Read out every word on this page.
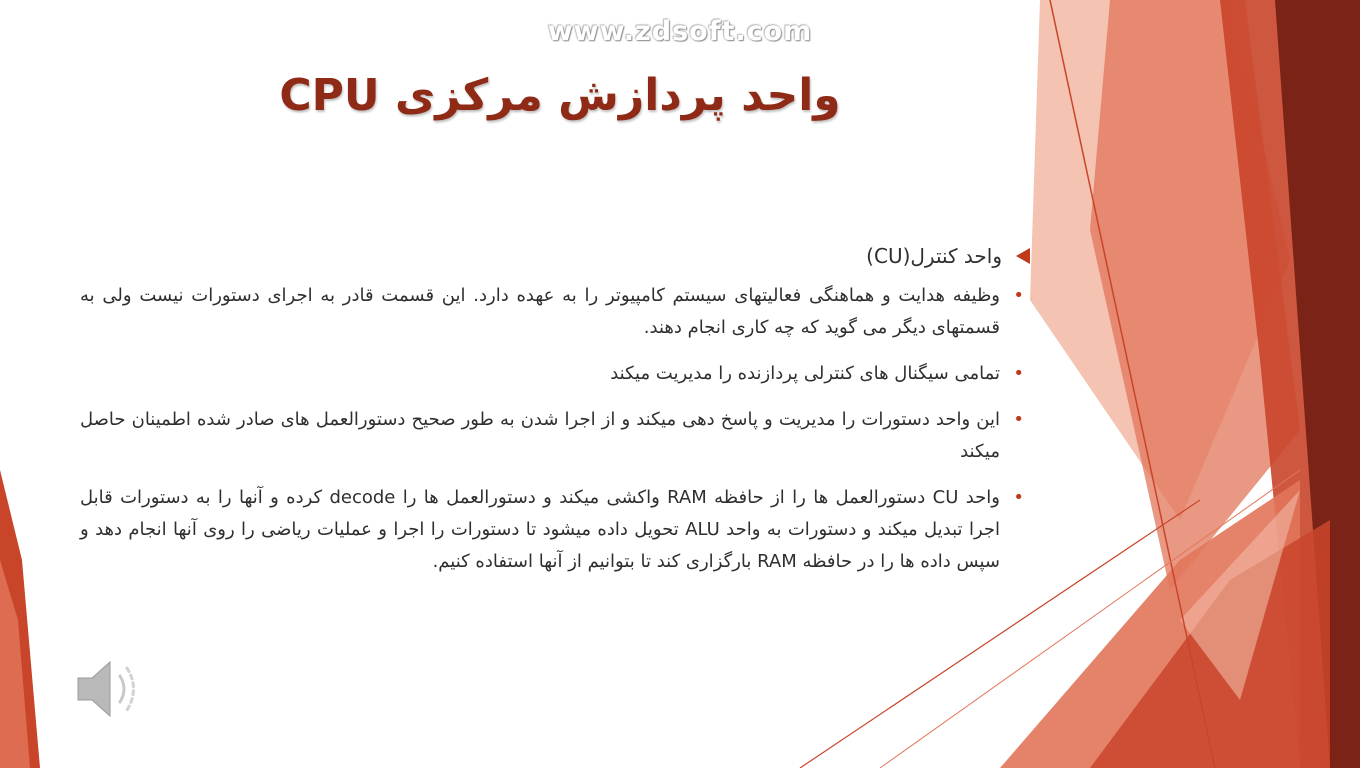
www.zdsoft.com
واحد پردازش مرکزی CPU
واحد کنترل(CU)
•
وظیفه هدایت و هماهنگی فعالیتهای سیستم کامپیوتر را به عهده دارد. این قسمت قادر به اجرای دستورات نیست ولی به قسمتهای دیگر می گوید که چه کاری انجام دهند.
•
تمامی سیگنال های کنترلی پردازنده را مدیریت میکند
•
این واحد دستورات را مدیریت و پاسخ دهی میکند و از اجرا شدن به طور صحیح دستورالعمل های صادر شده اطمینان حاصل میکند
•
واحد CU دستورالعمل ها را از حافظه RAM واکشی میکند و دستورالعمل ها را decode کرده و آنها را به دستورات قابل اجرا تبدیل میکند و دستورات به واحد ALU تحویل داده میشود تا دستورات را اجرا و عملیات ریاضی را روی آنها انجام دهد و سپس داده ها را در حافظه RAM بارگزاری کند تا بتوانیم از آنها استفاده کنیم.
